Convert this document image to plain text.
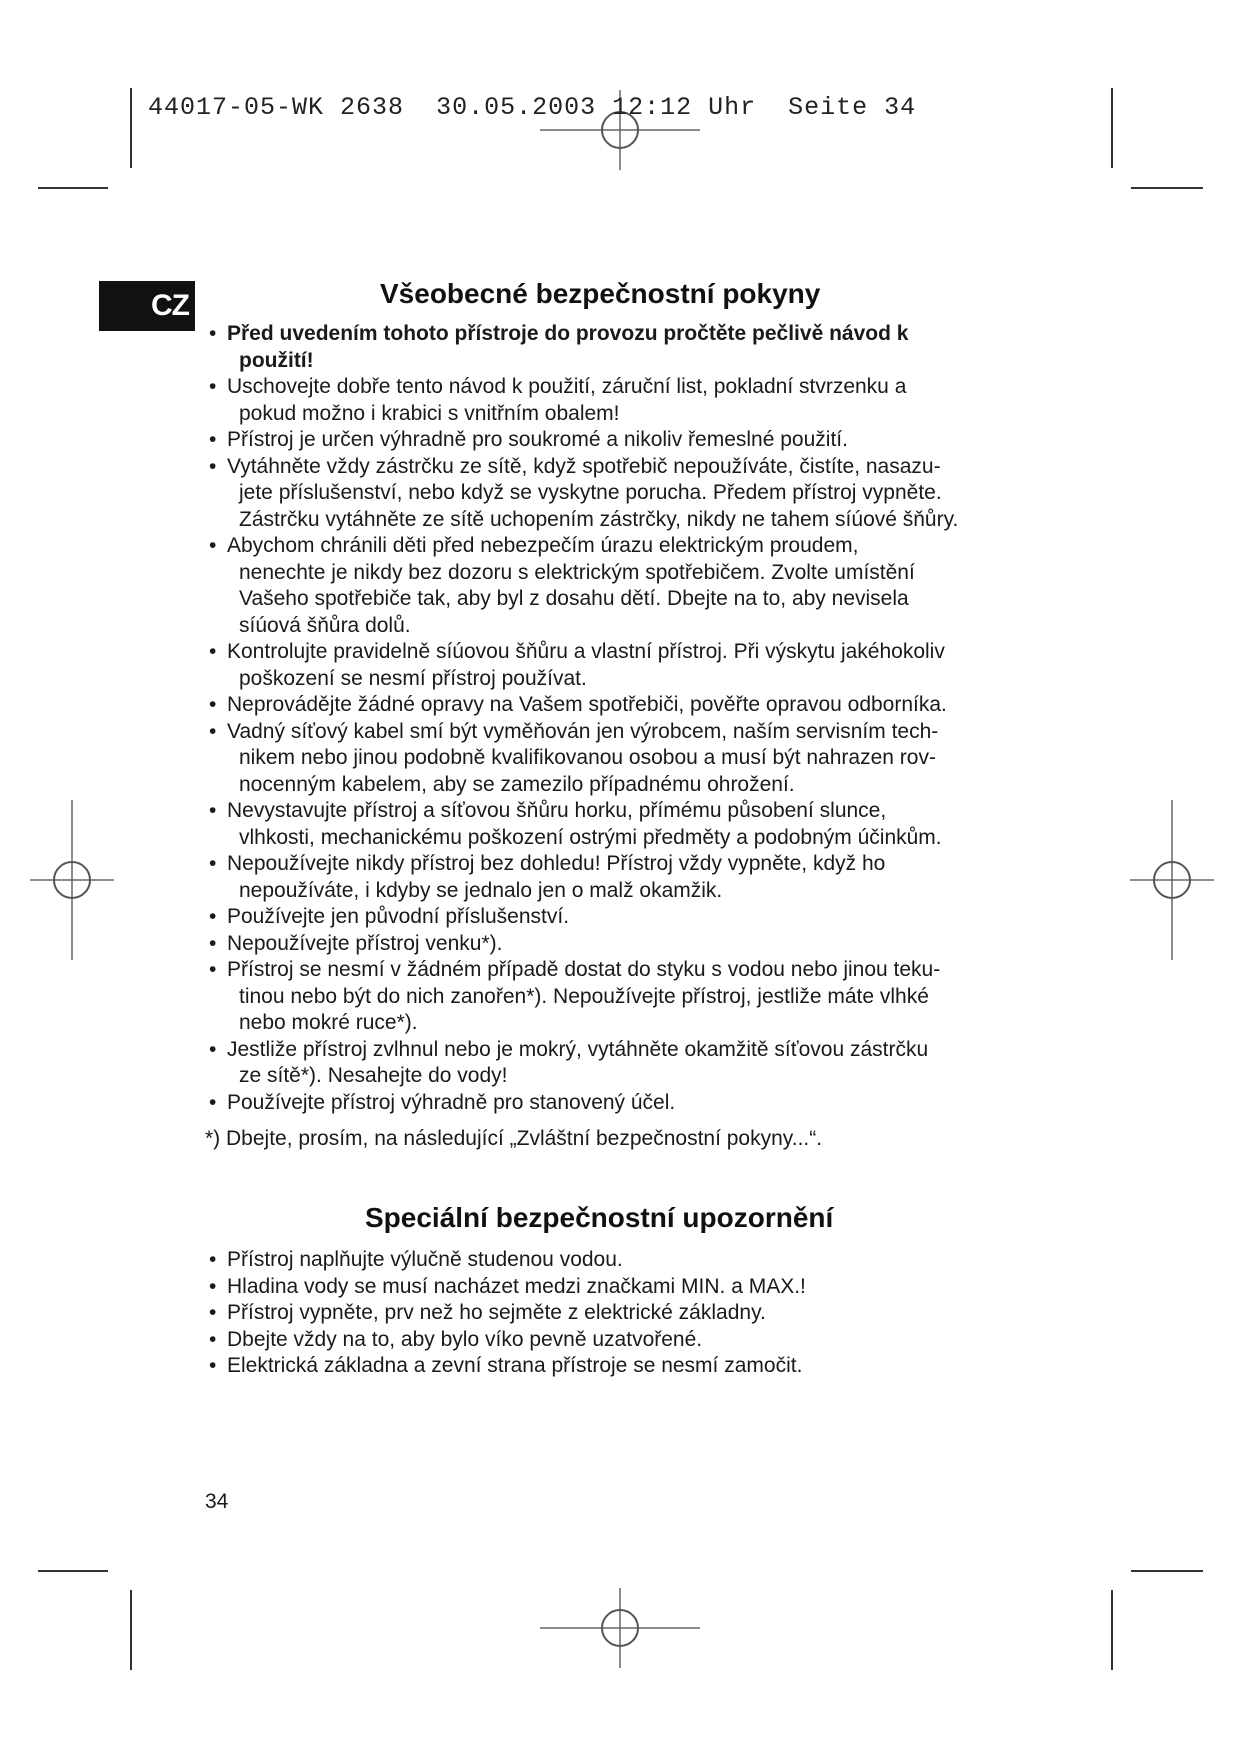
44017-05-WK 2638 30.05.2003 12:12 Uhr Seite 34
CZ	Všeobecné bezpečnostní pokyny
• Před uvedením tohoto přístroje do provozu pročtěte pečlivě návod k
použití!
• Uschovejte dobře tento návod k použití, záruční list, pokladní stvrzenku a
pokud možno i krabici s vnitřním obalem!
• Přístroj je určen výhradně pro soukromé a nikoliv řemeslné použití.
• Vytáhněte vždy zástrčku ze sítě, když spotřebič nepoužíváte, čistíte, nasazu-
jete příslušenství, nebo když se vyskytne porucha. Předem přístroj vypněte.
Zástrčku vytáhněte ze sítě uchopením zástrčky, nikdy ne tahem síúové šňůry.
• Abychom chránili děti před nebezpečím úrazu elektrickým proudem,
nenechte je nikdy bez dozoru s elektrickým spotřebičem. Zvolte umístění
Vašeho spotřebiče tak, aby byl z dosahu dětí. Dbejte na to, aby nevisela
síúová šňůra dolů.
• Kontrolujte pravidelně síúovou šňůru a vlastní přístroj. Při výskytu jakéhokoliv
poškození se nesmí přístroj používat.
• Neprovádějte žádné opravy na Vašem spotřebiči, pověřte opravou odborníka.
• Vadný síťový kabel smí být vyměňován jen výrobcem, naším servisním tech-
nikem nebo jinou podobně kvalifikovanou osobou a musí být nahrazen rov-
nocenným kabelem, aby se zamezilo případnému ohrožení.
• Nevystavujte přístroj a síťovou šňůru horku, přímému působení slunce,
vlhkosti, mechanickému poškození ostrými předměty a podobným účinkům.
• Nepoužívejte nikdy přístroj bez dohledu! Přístroj vždy vypněte, když ho
nepoužíváte, i kdyby se jednalo jen o malž okamžik.
• Používejte jen původní příslušenství.
• Nepoužívejte přístroj venku*).
• Přístroj se nesmí v žádném případě dostat do styku s vodou nebo jinou teku-
tinou nebo být do nich zanořen*). Nepoužívejte přístroj, jestliže máte vlhké
nebo mokré ruce*).
• Jestliže přístroj zvlhnul nebo je mokrý, vytáhněte okamžitě síťovou zástrčku
ze sítě*). Nesahejte do vody!
• Používejte přístroj výhradně pro stanovený účel.
*) Dbejte, prosím, na následující „Zvláštní bezpečnostní pokyny...“.
Speciální bezpečnostní upozornění
• Přístroj naplňujte výlučně studenou vodou.
• Hladina vody se musí nacházet medzi značkami MIN. a MAX.!
• Přístroj vypněte, prv než ho sejměte z elektrické základny.
• Dbejte vždy na to, aby bylo víko pevně uzatvořené.
• Elektrická základna a zevní strana přístroje se nesmí zamočit.
34
